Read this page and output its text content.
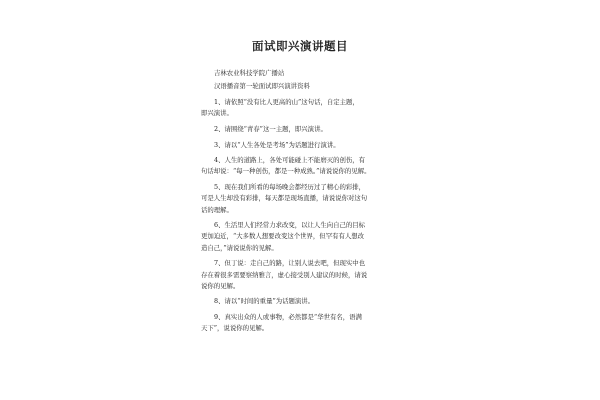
面试即兴演讲题目
吉林农业科技学院广播站
汉语播音第一轮面试即兴演讲资料
1、请依照“没有比人更高的山”这句话，自定主题，
即兴演讲。
2、请围绕“青春”这一主题，即兴演讲。
3、请以“人生各处是考场”为话题进行演讲。
4、人生的道路上，各处可能碰上不能磨灭的创伤，有
句话却说：“每一种创伤，都是一种成熟。”请说说你的见解。
5、现在我们所看的每场晚会都经历过了精心的彩排，
可是人生却没有彩排，每天都是现场直播，请说说你对这句
话的理解。
6、生活里人们经常力求改变，以让人生向自己的目标
更加迫近，“大多数人想要改变这个世界，但罕有有人想改
造自己，”请说说你的见解。
7、但丁说：走自己的路，让别人说去吧，但现实中也
存在着很多需要察纳雅言，虚心接受别人建议的时候，请说
说你的见解。
8、请以“时间的重量”为话题演讲。
9、真实出众的人或事物，必然都是“华世有名，语满
天下”，说说你的见解。
